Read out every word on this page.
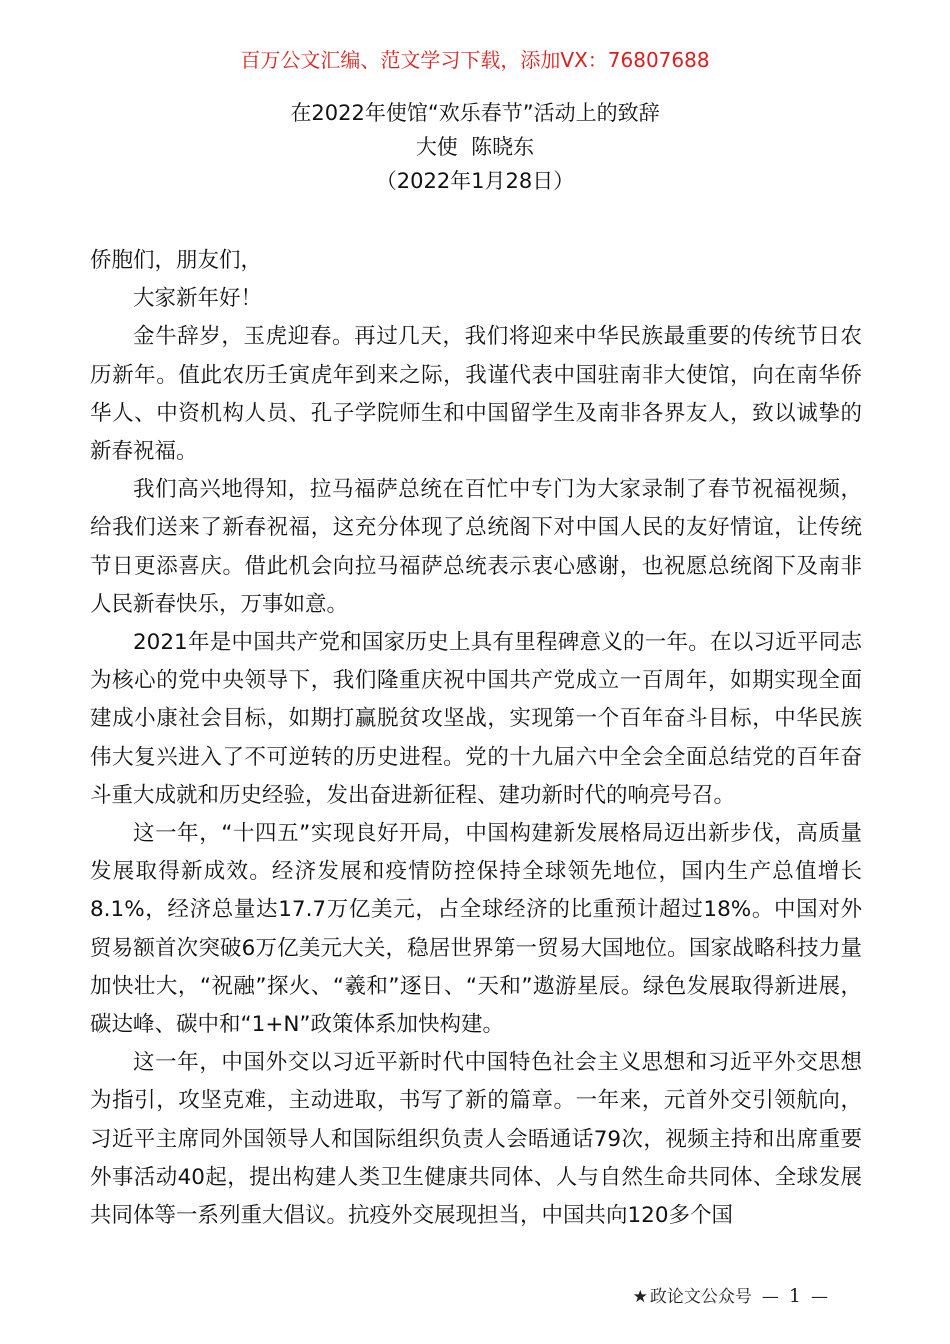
百万公文汇编、范文学习下载，添加VX：76807688
在2022年使馆“欢乐春节”活动上的致辞
大使  陈晓东
（2022年1月28日）

侨胞们，朋友们，

大家新年好！

金牛辞岁，玉虎迎春。再过几天，我们将迎来中华民族最重要的传统节日农历新年。值此农历壬寅虎年到来之际，我谨代表中国驻南非大使馆，向在南华侨华人、中资机构人员、孔子学院师生和中国留学生及南非各界友人，致以诚挚的新春祝福。

我们高兴地得知，拉马福萨总统在百忙中专门为大家录制了春节祝福视频，给我们送来了新春祝福，这充分体现了总统阁下对中国人民的友好情谊，让传统节日更添喜庆。借此机会向拉马福萨总统表示衷心感谢，也祝愿总统阁下及南非人民新春快乐，万事如意。

2021年是中国共产党和国家历史上具有里程碑意义的一年。在以习近平同志为核心的党中央领导下，我们隆重庆祝中国共产党成立一百周年，如期实现全面建成小康社会目标，如期打赢脱贫攻坚战，实现第一个百年奋斗目标，中华民族伟大复兴进入了不可逆转的历史进程。党的十九届六中全会全面总结党的百年奋斗重大成就和历史经验，发出奋进新征程、建功新时代的响亮号召。

这一年，“十四五”实现良好开局，中国构建新发展格局迈出新步伐，高质量发展取得新成效。经济发展和疫情防控保持全球领先地位，国内生产总值增长8.1%，经济总量达17.7万亿美元，占全球经济的比重预计超过18%。中国对外贸易额首次突破6万亿美元大关，稳居世界第一贸易大国地位。国家战略科技力量加快壮大，“祝融”探火、“羲和”逐日、“天和”遨游星辰。绿色发展取得新进展，碳达峰、碳中和“1+N”政策体系加快构建。

这一年，中国外交以习近平新时代中国特色社会主义思想和习近平外交思想为指引，攻坚克难，主动进取，书写了新的篇章。一年来，元首外交引领航向，习近平主席同外国领导人和国际组织负责人会晤通话79次，视频主持和出席重要外事活动40起，提出构建人类卫生健康共同体、人与自然生命共同体、全球发展共同体等一系列重大倡议。抗疫外交展现担当，中国共向120多个国

★ 政论文公众号 — 1 —
